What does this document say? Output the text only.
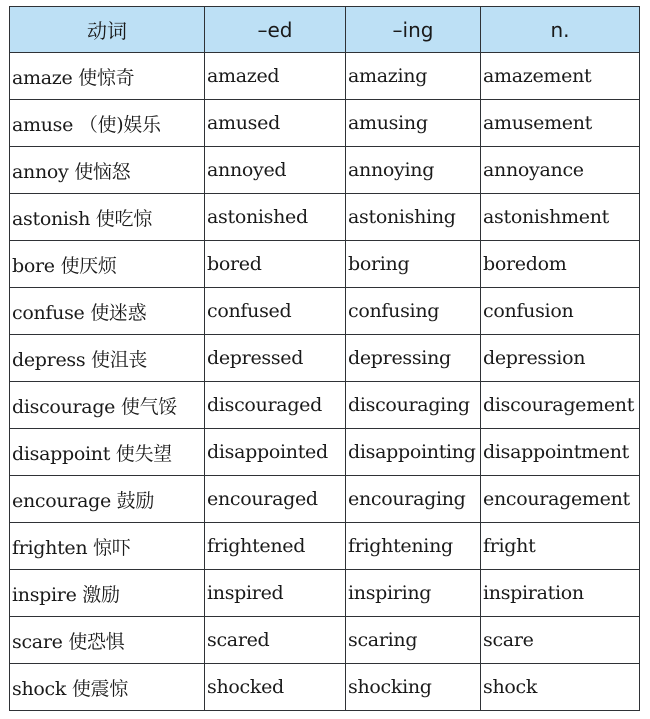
动词	–ed	–ing	n.
amaze 使惊奇	amazed	amazing	amazement
amuse （使)娱乐	amused	amusing	amusement
annoy 使恼怒	annoyed	annoying	annoyance
astonish 使吃惊	astonished	astonishing	astonishment
bore 使厌烦	bored	boring	boredom
confuse 使迷惑	confused	confusing	confusion
depress 使沮丧	depressed	depressing	depression
discourage 使气馁	discouraged	discouraging	discouragement
disappoint 使失望	disappointed	disappointing	disappointment
encourage 鼓励	encouraged	encouraging	encouragement
frighten 惊吓	frightened	frightening	fright
inspire 激励	inspired	inspiring	inspiration
scare 使恐惧	scared	scaring	scare
shock 使震惊	shocked	shocking	shock
